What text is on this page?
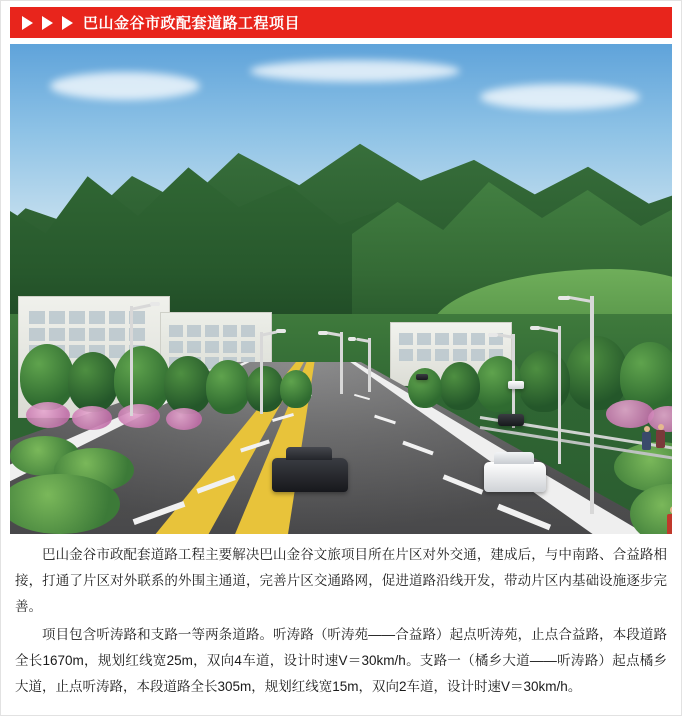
巴山金谷市政配套道路工程项目

巴山金谷市政配套道路工程主要解决巴山金谷文旅项目所在片区对外交通，建成后，与中南路、合益路相接，打通了片区对外联系的外围主通道，完善片区交通路网，促进道路沿线开发，带动片区内基础设施逐步完善。

项目包含听涛路和支路一等两条道路。听涛路（听涛苑——合益路）起点听涛苑，止点合益路，本段道路全长1670m，规划红线宽25m，双向4车道，设计时速V＝30km/h。支路一（橘乡大道——听涛路）起点橘乡大道，止点听涛路，本段道路全长305m，规划红线宽15m，双向2车道，设计时速V＝30km/h。
